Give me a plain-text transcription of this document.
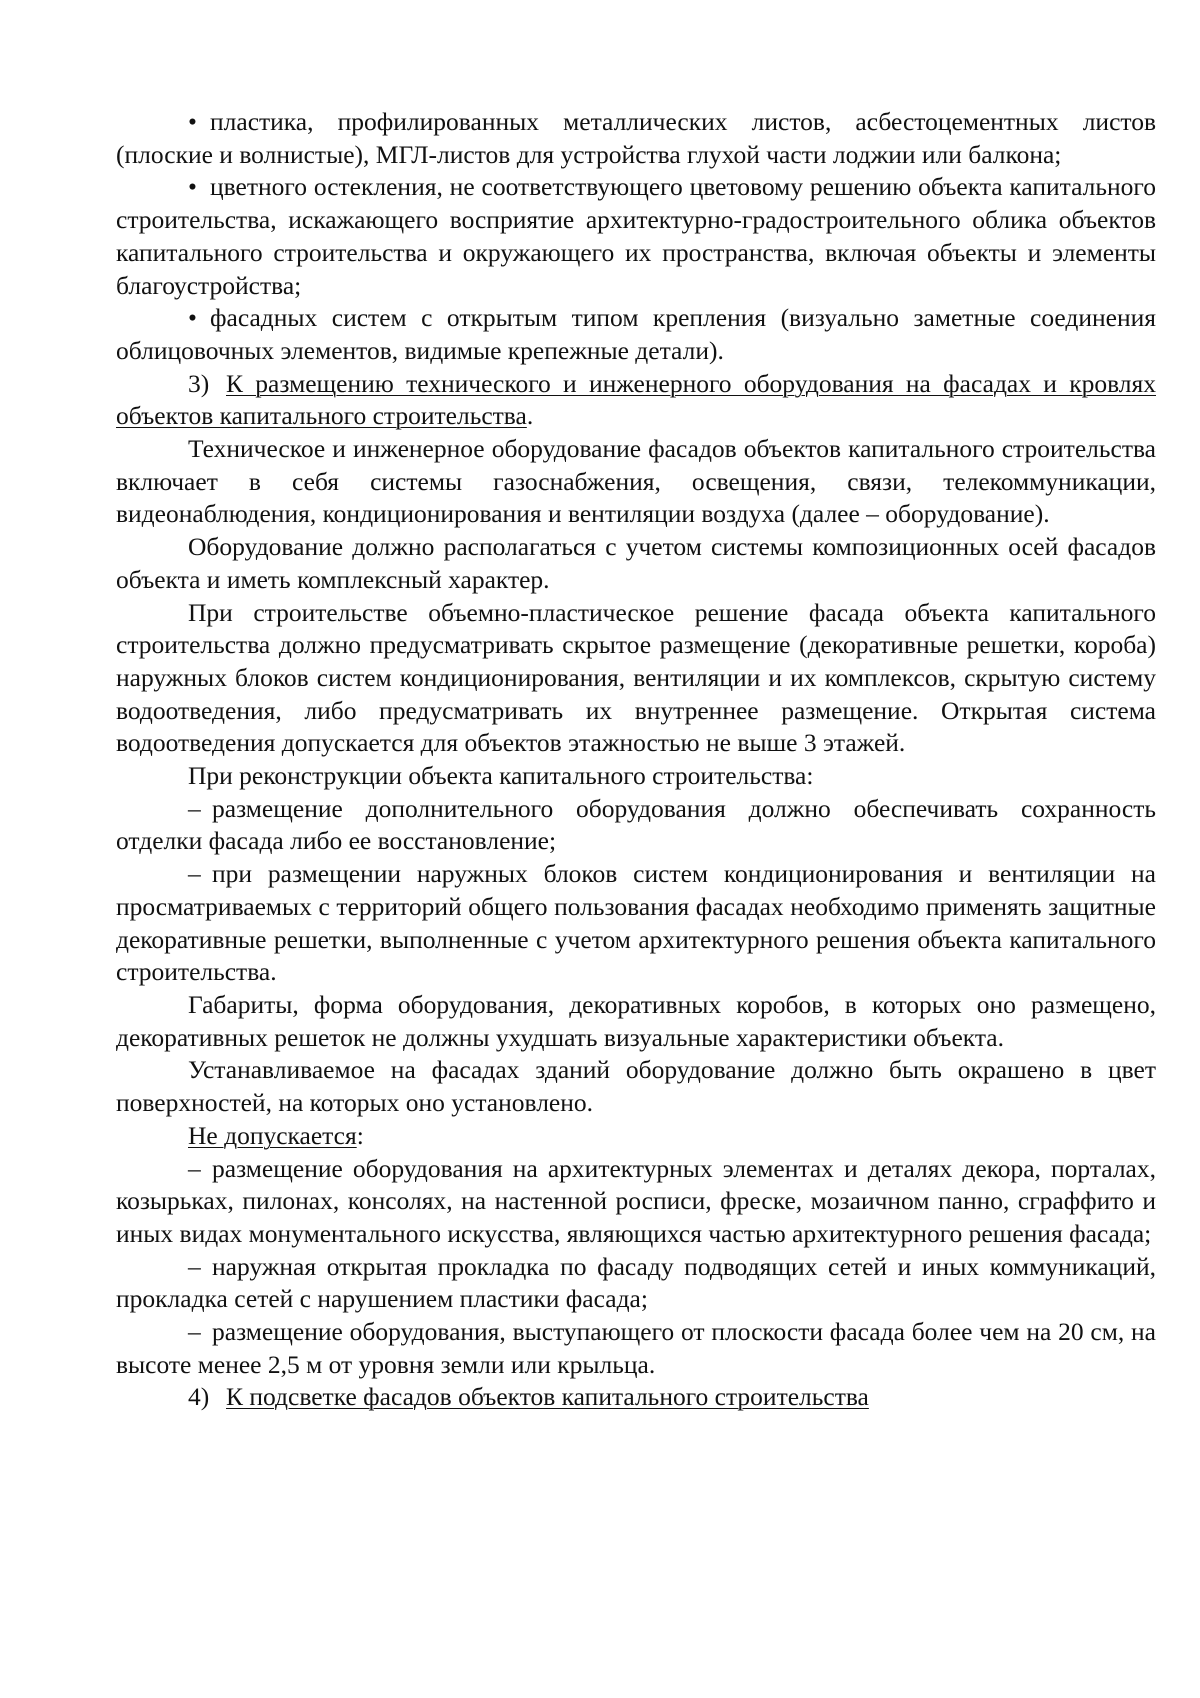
• пластика, профилированных металлических листов, асбестоцементных листов (плоские и волнистые), МГЛ-листов для устройства глухой части лоджии или балкона;

• цветного остекления, не соответствующего цветовому решению объекта капитального строительства, искажающего восприятие архитектурно-градостроительного облика объектов капитального строительства и окружающего их пространства, включая объекты и элементы благоустройства;

• фасадных систем с открытым типом крепления (визуально заметные соединения облицовочных элементов, видимые крепежные детали).

3) К размещению технического и инженерного оборудования на фасадах и кровлях объектов капитального строительства.

Техническое и инженерное оборудование фасадов объектов капитального строительства включает в себя системы газоснабжения, освещения, связи, телекоммуникации, видеонаблюдения, кондиционирования и вентиляции воздуха (далее – оборудование).

Оборудование должно располагаться с учетом системы композиционных осей фасадов объекта и иметь комплексный характер.

При строительстве объемно-пластическое решение фасада объекта капитального строительства должно предусматривать скрытое размещение (декоративные решетки, короба) наружных блоков систем кондиционирования, вентиляции и их комплексов, скрытую систему водоотведения, либо предусматривать их внутреннее размещение. Открытая система водоотведения допускается для объектов этажностью не выше 3 этажей.

При реконструкции объекта капитального строительства:

– размещение дополнительного оборудования должно обеспечивать сохранность отделки фасада либо ее восстановление;

– при размещении наружных блоков систем кондиционирования и вентиляции на просматриваемых с территорий общего пользования фасадах необходимо применять защитные декоративные решетки, выполненные с учетом архитектурного решения объекта капитального строительства.

Габариты, форма оборудования, декоративных коробов, в которых оно размещено, декоративных решеток не должны ухудшать визуальные характеристики объекта.

Устанавливаемое на фасадах зданий оборудование должно быть окрашено в цвет поверхностей, на которых оно установлено.

Не допускается:

– размещение оборудования на архитектурных элементах и деталях декора, порталах, козырьках, пилонах, консолях, на настенной росписи, фреске, мозаичном панно, сграффито и иных видах монументального искусства, являющихся частью архитектурного решения фасада;

– наружная открытая прокладка по фасаду подводящих сетей и иных коммуникаций, прокладка сетей с нарушением пластики фасада;

– размещение оборудования, выступающего от плоскости фасада более чем на 20 см, на высоте менее 2,5 м от уровня земли или крыльца.

4) К подсветке фасадов объектов капитального строительства
